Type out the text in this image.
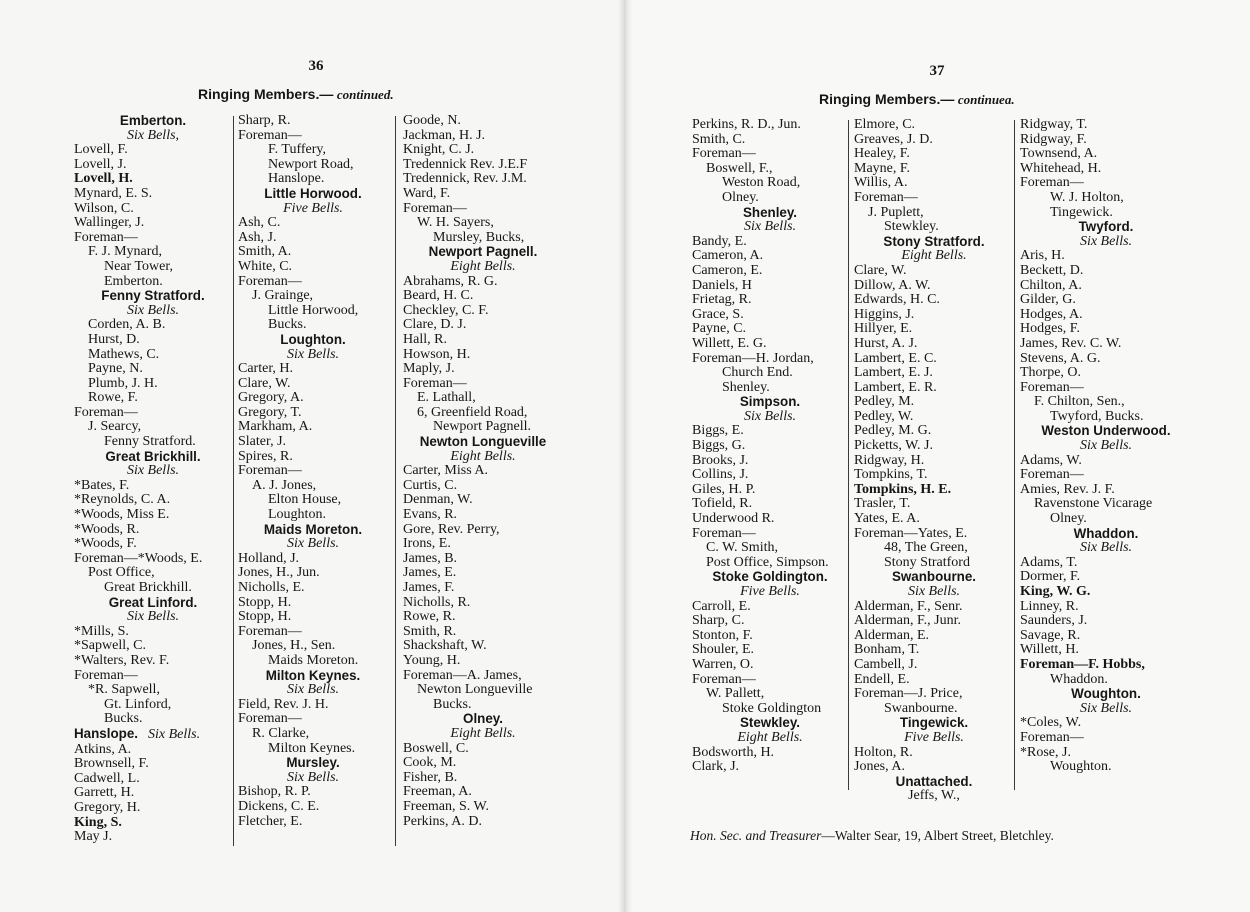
36
Ringing Members.— continued.
Emberton.
Six Bells,
Lovell, F.
Lovell, J.
Lovell, H.
Mynard, E. S.
Wilson, C.
Wallinger, J.
Foreman—
F. J. Mynard,
Near Tower,
Emberton.
Fenny Stratford.
Six Bells.
Corden, A. B.
Hurst, D.
Mathews, C.
Payne, N.
Plumb, J. H.
Rowe, F.
Foreman—
J. Searcy,
Fenny Stratford.
Great Brickhill.
Six Bells.
*Bates, F.
*Reynolds, C. A.
*Woods, Miss E.
*Woods, R.
*Woods, F.
Foreman—*Woods, E.
Post Office,
Great Brickhill.
Great Linford.
Six Bells.
*Mills, S.
*Sapwell, C.
*Walters, Rev. F.
Foreman—
*R. Sapwell,
Gt. Linford,
Bucks.
Hanslope. Six Bells.
Atkins, A.
Brownsell, F.
Cadwell, L.
Garrett, H.
Gregory, H.
King, S.
May J.
Sharp, R.
Foreman—
F. Tuffery,
Newport Road,
Hanslope.
Little Horwood.
Five Bells.
Ash, C.
Ash, J.
Smith, A.
White, C.
Foreman—
J. Grainge,
Little Horwood,
Bucks.
Loughton.
Six Bells.
Carter, H.
Clare, W.
Gregory, A.
Gregory, T.
Markham, A.
Slater, J.
Spires, R.
Foreman—
A. J. Jones,
Elton House,
Loughton.
Maids Moreton.
Six Bells.
Holland, J.
Jones, H., Jun.
Nicholls, E.
Stopp, H.
Stopp, H.
Foreman—
Jones, H., Sen.
Maids Moreton.
Milton Keynes.
Six Bells.
Field, Rev. J. H.
Foreman—
R. Clarke,
Milton Keynes.
Mursley.
Six Bells.
Bishop, R. P.
Dickens, C. E.
Fletcher, E.
Goode, N.
Jackman, H. J.
Knight, C. J.
Tredennick Rev. J.E.F
Tredennick, Rev. J.M.
Ward, F.
Foreman—
W. H. Sayers,
Mursley, Bucks,
Newport Pagnell.
Eight Bells.
Abrahams, R. G.
Beard, H. C.
Checkley, C. F.
Clare, D. J.
Hall, R.
Howson, H.
Maply, J.
Foreman—
E. Lathall,
6, Greenfield Road,
Newport Pagnell.
Newton Longueville
Eight Bells.
Carter, Miss A.
Curtis, C.
Denman, W.
Evans, R.
Gore, Rev. Perry,
Irons, E.
James, B.
James, E.
James, F.
Nicholls, R.
Rowe, R.
Smith, R.
Shackshaft, W.
Young, H.
Foreman—A. James,
Newton Longueville
Bucks.
Olney.
Eight Bells.
Boswell, C.
Cook, M.
Fisher, B.
Freeman, A.
Freeman, S. W.
Perkins, A. D.
37
Ringing Members.— continuea.
Perkins, R. D., Jun.
Smith, C.
Foreman—
Boswell, F.,
Weston Road,
Olney.
Shenley.
Six Bells.
Bandy, E.
Cameron, A.
Cameron, E.
Daniels, H
Frietag, R.
Grace, S.
Payne, C.
Willett, E. G.
Foreman—H. Jordan,
Church End.
Shenley.
Simpson.
Six Bells.
Biggs, E.
Biggs, G.
Brooks, J.
Collins, J.
Giles, H. P.
Tofield, R.
Underwood R.
Foreman—
C. W. Smith,
Post Office, Simpson.
Stoke Goldington.
Five Bells.
Carroll, E.
Sharp, C.
Stonton, F.
Shouler, E.
Warren, O.
Foreman—
W. Pallett,
Stoke Goldington
Stewkley.
Eight Bells.
Bodsworth, H.
Clark, J.
Elmore, C.
Greaves, J. D.
Healey, F.
Mayne, F.
Willis, A.
Foreman—
J. Puplett,
Stewkley.
Stony Stratford.
Eight Bells.
Clare, W.
Dillow, A. W.
Edwards, H. C.
Higgins, J.
Hillyer, E.
Hurst, A. J.
Lambert, E. C.
Lambert, E. J.
Lambert, E. R.
Pedley, M.
Pedley, W.
Pedley, M. G.
Picketts, W. J.
Ridgway, H.
Tompkins, T.
Tompkins, H. E.
Trasler, T.
Yates, E. A.
Foreman—Yates, E.
48, The Green,
Stony Stratford
Swanbourne.
Six Bells.
Alderman, F., Senr.
Alderman, F., Junr.
Alderman, E.
Bonham, T.
Cambell, J.
Endell, E.
Foreman—J. Price,
Swanbourne.
Tingewick.
Five Bells.
Holton, R.
Jones, A.
Unattached.
Jeffs, W.,
Ridgway, T.
Ridgway, F.
Townsend, A.
Whitehead, H.
Foreman—
W. J. Holton,
Tingewick.
Twyford.
Six Bells.
Aris, H.
Beckett, D.
Chilton, A.
Gilder, G.
Hodges, A.
Hodges, F.
James, Rev. C. W.
Stevens, A. G.
Thorpe, O.
Foreman—
F. Chilton, Sen.,
Twyford, Bucks.
Weston Underwood.
Six Bells.
Adams, W.
Foreman—
Amies, Rev. J. F.
Ravenstone Vicarage
Olney.
Whaddon.
Six Bells.
Adams, T.
Dormer, F.
King, W. G.
Linney, R.
Saunders, J.
Savage, R.
Willett, H.
Foreman—F. Hobbs,
Whaddon.
Woughton.
Six Bells.
*Coles, W.
Foreman—
*Rose, J.
Woughton.
Hon. Sec. and Treasurer—Walter Sear, 19, Albert Street, Bletchley.
